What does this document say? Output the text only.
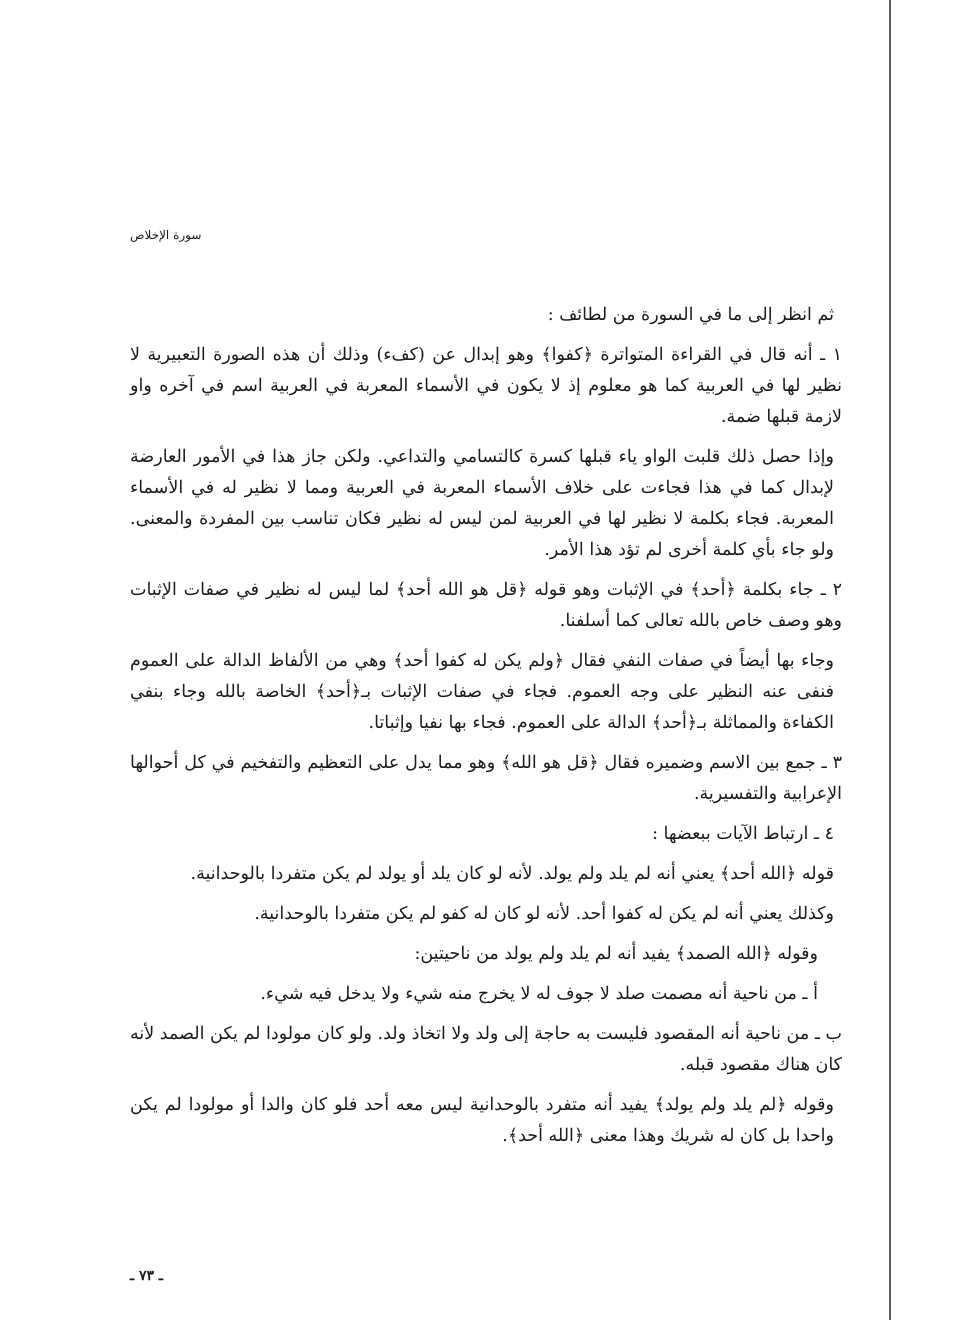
سورة الإخلاص

ثم انظر إلى ما في السورة من لطائف :

١ ـ أنه قال في القراءة المتواترة ﴿كفوا﴾ وهو إبدال عن (كفء) وذلك أن هذه الصورة التعبيرية لا نظير لها في العربية كما هو معلوم إذ لا يكون في الأسماء المعربة في العربية اسم في آخره واو لازمة قبلها ضمة.

وإذا حصل ذلك قلبت الواو ياء قبلها كسرة كالتسامي والتداعي. ولكن جاز هذا في الأمور العارضة لإبدال كما في هذا فجاءت على خلاف الأسماء المعربة في العربية ومما لا نظير له في الأسماء المعربة. فجاء بكلمة لا نظير لها في العربية لمن ليس له نظير فكان تناسب بين المفردة والمعنى. ولو جاء بأي كلمة أخرى لم تؤد هذا الأمر.

٢ ـ جاء بكلمة ﴿أحد﴾ في الإثبات وهو قوله ﴿قل هو الله أحد﴾ لما ليس له نظير في صفات الإثبات وهو وصف خاص بالله تعالى كما أسلفنا.

وجاء بها أيضاً في صفات النفي فقال ﴿ولم يكن له كفوا أحد﴾ وهي من الألفاظ الدالة على العموم فنفى عنه النظير على وجه العموم. فجاء في صفات الإثبات بـ﴿أحد﴾ الخاصة بالله وجاء بنفي الكفاءة والمماثلة بـ﴿أحد﴾ الدالة على العموم. فجاء بها نفيا وإثباتا.

٣ ـ جمع بين الاسم وضميره فقال ﴿قل هو الله﴾ وهو مما يدل على التعظيم والتفخيم في كل أحوالها الإعرابية والتفسيرية.

٤ ـ ارتباط الآيات ببعضها :

قوله ﴿الله أحد﴾ يعني أنه لم يلد ولم يولد. لأنه لو كان يلد أو يولد لم يكن متفردا بالوحدانية.

وكذلك يعني أنه لم يكن له كفوا أحد. لأنه لو كان له كفو لم يكن متفردا بالوحدانية.

وقوله ﴿الله الصمد﴾ يفيد أنه لم يلد ولم يولد من ناحيتين:

أ ـ من ناحية أنه مصمت صلد لا جوف له لا يخرج منه شيء ولا يدخل فيه شيء.

ب ـ من ناحية أنه المقصود فليست به حاجة إلى ولد ولا اتخاذ ولد. ولو كان مولودا لم يكن الصمد لأنه كان هناك مقصود قبله.

وقوله ﴿لم يلد ولم يولد﴾ يفيد أنه متفرد بالوحدانية ليس معه أحد فلو كان والدا أو مولودا لم يكن واحدا بل كان له شريك وهذا معنى ﴿الله أحد﴾.

ـ ٧٣ ـ
